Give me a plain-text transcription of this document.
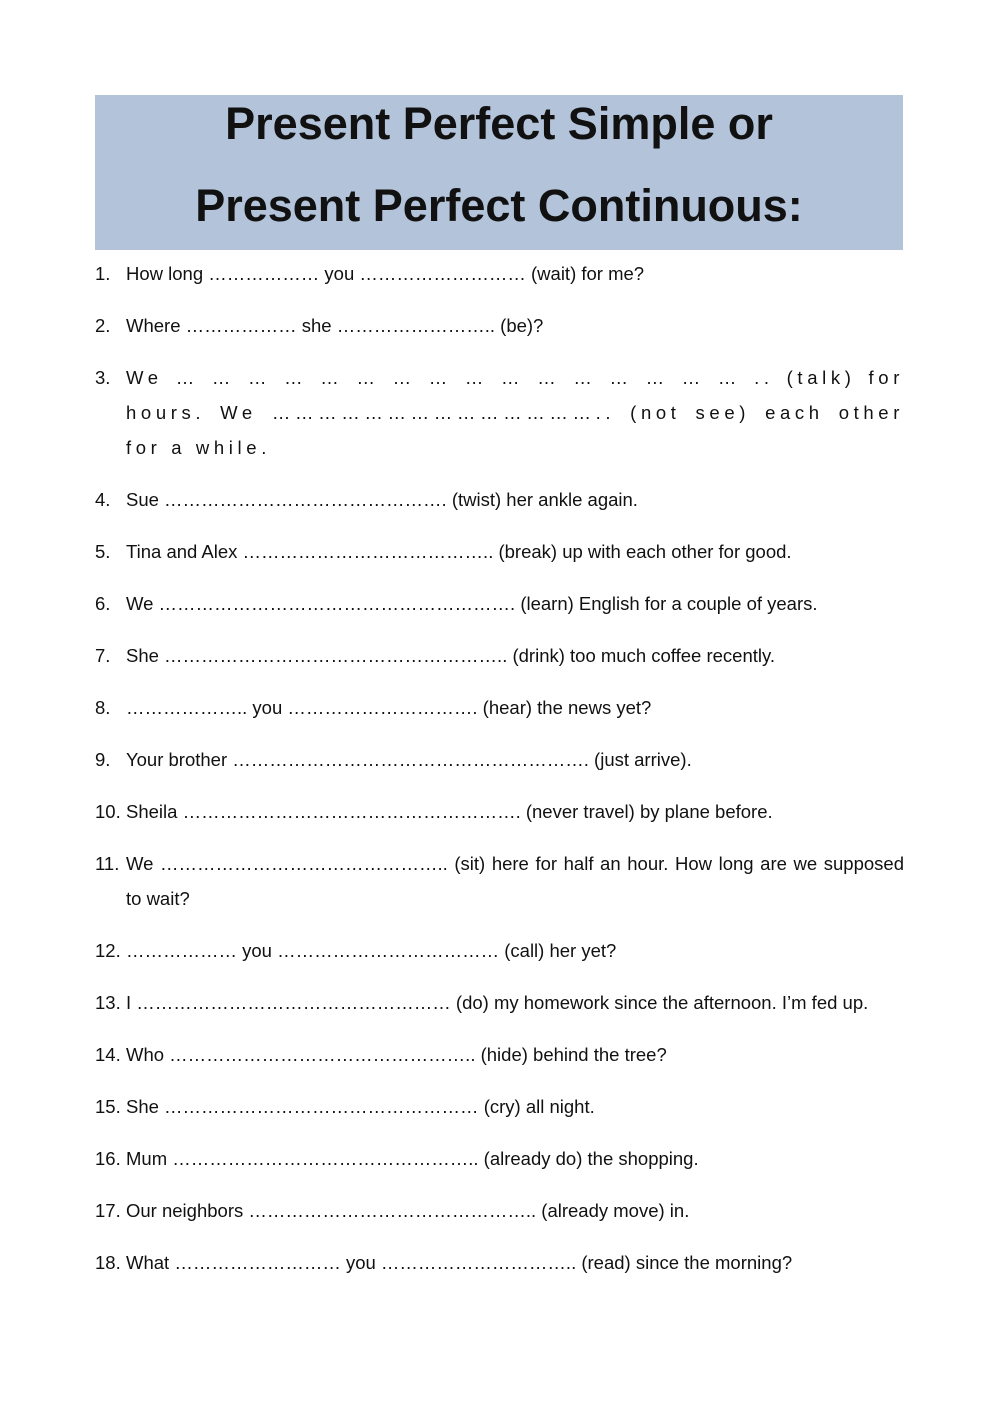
Present Perfect Simple or
Present Perfect Continuous:
1. How long ……………… you ……………………… (wait) for me?
2. Where ……………… she …………………….. (be)?
3. We … … … … … … … … … … … … … … … … .. (talk) for hours. We …………………………………….. (not see) each other for a while.
4. Sue ………………………………………. (twist) her ankle again.
5. Tina and Alex ………………………………….. (break) up with each other for good.
6. We …………………………………………………. (learn) English for a couple of years.
7. She ……………………………………………….. (drink) too much coffee recently.
8. ……………….. you …………………………. (hear) the news yet?
9. Your brother …………………………………………………. (just arrive).
10. Sheila ………………………………………………. (never travel) by plane before.
11. We ……………………………………….. (sit) here for half an hour. How long are we supposed to wait?
12. ……………… you ……………………………… (call) her yet?
13. I …………………………………………… (do) my homework since the afternoon. I’m fed up.
14. Who ………………………………………….. (hide) behind the tree?
15. She …………………………………………… (cry) all night.
16. Mum ………………………………………….. (already do) the shopping.
17. Our neighbors ……………………………………….. (already move) in.
18. What ……………………… you ………………………….. (read) since the morning?
